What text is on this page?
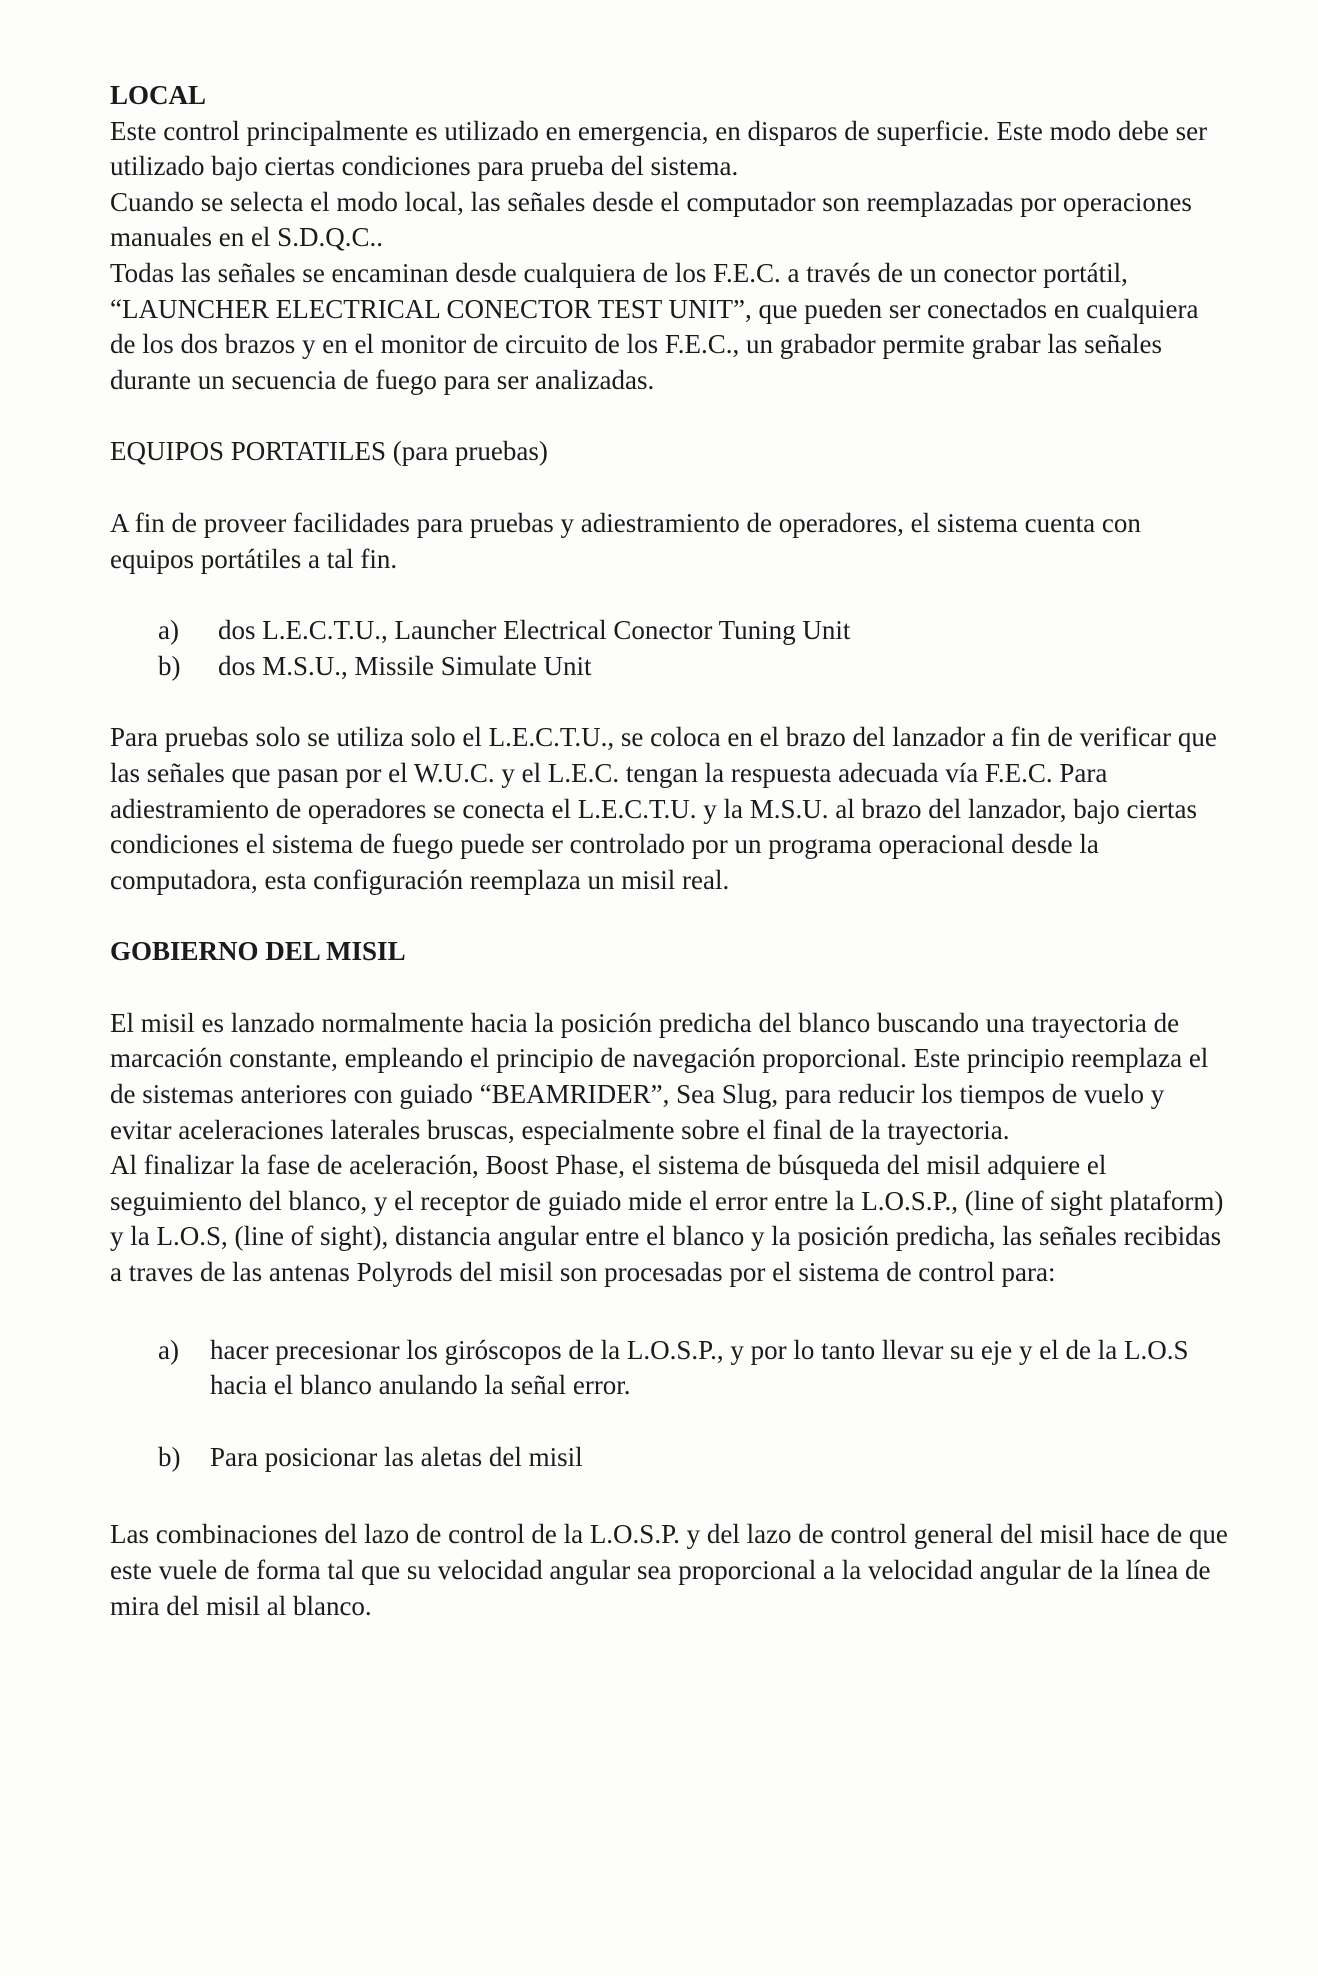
LOCAL

Este control principalmente es utilizado en emergencia, en disparos de superficie. Este modo debe ser utilizado bajo ciertas condiciones para prueba del sistema.

Cuando se selecta el modo local, las señales desde el computador son reemplazadas por operaciones manuales en el S.D.Q.C..

Todas las señales se encaminan desde cualquiera de los F.E.C. a través de un conector portátil, “LAUNCHER ELECTRICAL CONECTOR TEST UNIT”, que pueden ser conectados en cualquiera de los dos brazos y en el monitor de circuito de los F.E.C., un grabador permite grabar las señales durante un secuencia de fuego para ser analizadas.

EQUIPOS PORTATILES (para pruebas)

A fin de proveer facilidades para pruebas y adiestramiento de operadores, el sistema cuenta con equipos portátiles a tal fin.

a)	dos L.E.C.T.U., Launcher Electrical Conector Tuning Unit
b)	dos M.S.U., Missile Simulate Unit

Para pruebas solo se utiliza solo el L.E.C.T.U., se coloca en el brazo del lanzador a fin de verificar que las señales que pasan por el W.U.C. y el L.E.C. tengan la respuesta adecuada vía F.E.C. Para adiestramiento de operadores se conecta el L.E.C.T.U. y la M.S.U. al brazo del lanzador, bajo ciertas condiciones el sistema de fuego puede ser controlado por un programa operacional desde la computadora, esta configuración reemplaza un misil real.

GOBIERNO DEL MISIL

El misil es lanzado normalmente hacia la posición predicha del blanco buscando una trayectoria de marcación constante, empleando el principio de navegación proporcional. Este principio reemplaza el de sistemas anteriores con guiado “BEAMRIDER”, Sea Slug, para reducir los tiempos de vuelo y evitar aceleraciones laterales bruscas, especialmente sobre el final de la trayectoria.

Al finalizar la fase de aceleración, Boost Phase, el sistema de búsqueda del misil adquiere el seguimiento del blanco, y el receptor de guiado mide el error entre la L.O.S.P., (line of sight plataform) y la L.O.S, (line of sight), distancia angular entre el blanco y la posición predicha, las señales recibidas a traves de las antenas Polyrods del misil son procesadas por el sistema de control para:

a)	hacer precesionar los giróscopos de la L.O.S.P., y por lo tanto llevar su eje y el de la L.O.S hacia el blanco anulando la señal error.
b)	Para posicionar las aletas del misil

Las combinaciones del lazo de control de la L.O.S.P. y del lazo de control general del misil hace de que este vuele de forma tal que su velocidad angular sea proporcional a la velocidad angular de la línea de mira del misil al blanco.
